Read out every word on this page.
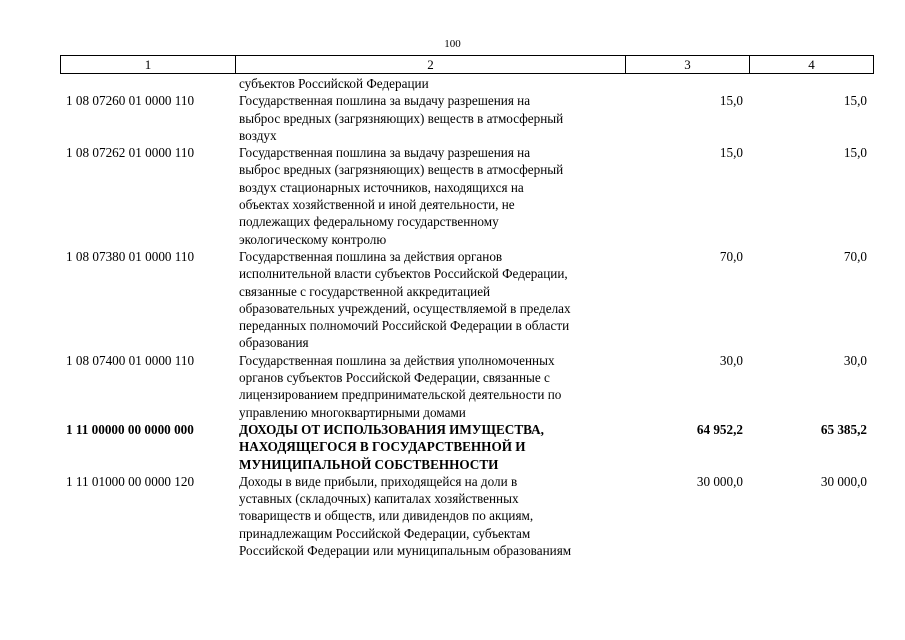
100
1	2	3	4
субъектов Российской Федерации
1 08 07260 01 0000 110	Государственная пошлина за выдачу разрешения на
выброс вредных (загрязняющих) веществ в атмосферный
воздух
15,0	15,0
1 08 07262 01 0000 110	Государственная пошлина за выдачу разрешения на
выброс вредных (загрязняющих) веществ в атмосферный
воздух стационарных источников, находящихся на
объектах хозяйственной и иной деятельности, не
подлежащих федеральному государственному
экологическому контролю
15,0	15,0
1 08 07380 01 0000 110	Государственная пошлина за действия органов
исполнительной власти субъектов Российской Федерации,
связанные с государственной аккредитацией
образовательных учреждений, осуществляемой в пределах
переданных полномочий Российской Федерации в области
образования
70,0	70,0
1 08 07400 01 0000 110	Государственная пошлина за действия уполномоченных
органов субъектов Российской Федерации, связанные с
лицензированием предпринимательской деятельности по
управлению многоквартирными домами
30,0	30,0
1 11 00000 00 0000 000	ДОХОДЫ ОТ ИСПОЛЬЗОВАНИЯ ИМУЩЕСТВА,
НАХОДЯЩЕГОСЯ В ГОСУДАРСТВЕННОЙ И
МУНИЦИПАЛЬНОЙ СОБСТВЕННОСТИ
64 952,2	65 385,2
1 11 01000 00 0000 120	Доходы в виде прибыли, приходящейся на доли в
уставных (складочных) капиталах хозяйственных
товариществ и обществ, или дивидендов по акциям,
принадлежащим Российской Федерации, субъектам
Российской Федерации или муниципальным образованиям
30 000,0	30 000,0
